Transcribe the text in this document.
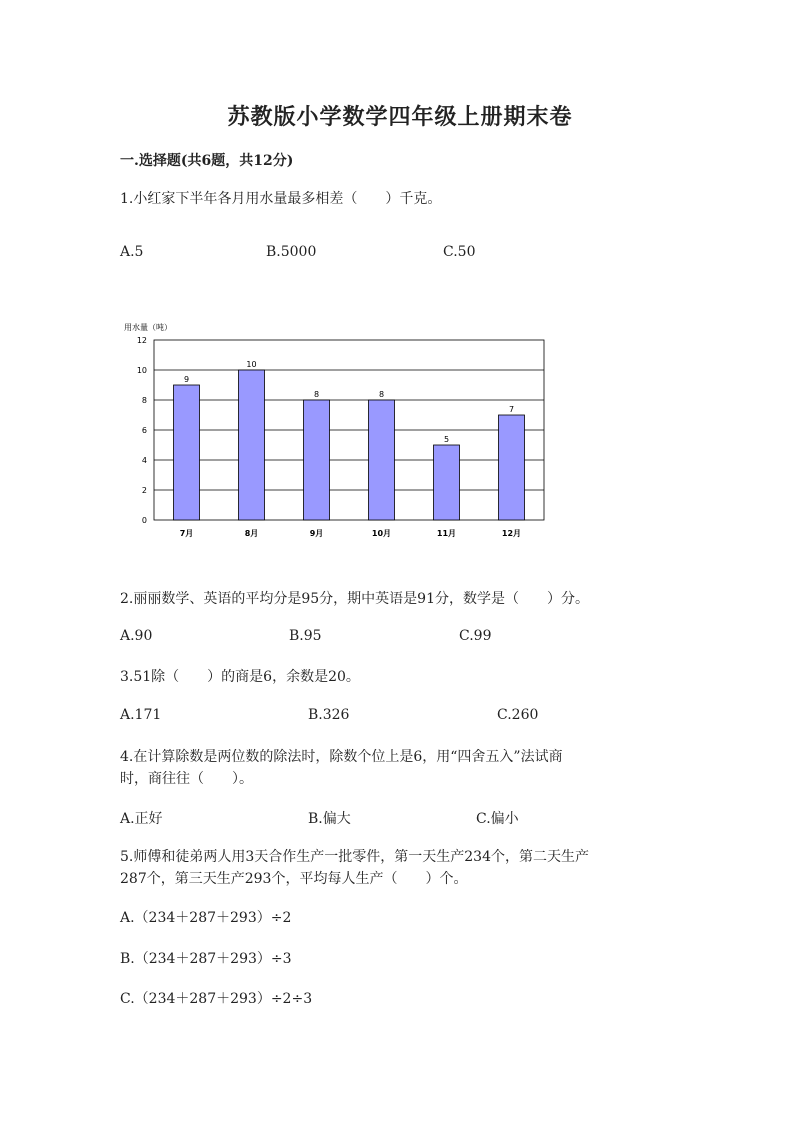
苏教版小学数学四年级上册期末卷
一.选择题(共6题，共12分)
1.小红家下半年各月用水量最多相差（　　）千克。
A.5	B.5000	C.50
0
2
4
6
8
10
12
9
7月
10
8月
8
9月
8
10月
5
11月
7
12月
用水量（吨）
2.丽丽数学、英语的平均分是95分，期中英语是91分，数学是（　　）分。
A.90	B.95	C.99
3.51除（　　）的商是6，余数是20。
A.171	B.326	C.260
4.在计算除数是两位数的除法时，除数个位上是6，用“四舍五入”法试商
时，商往往（　　）。
A.正好	B.偏大	C.偏小
5.师傅和徒弟两人用3天合作生产一批零件，第一天生产234个，第二天生产
287个，第三天生产293个，平均每人生产（　　）个。
A.（234＋287＋293）÷2
B.（234＋287＋293）÷3
C.（234＋287＋293）÷2÷3
